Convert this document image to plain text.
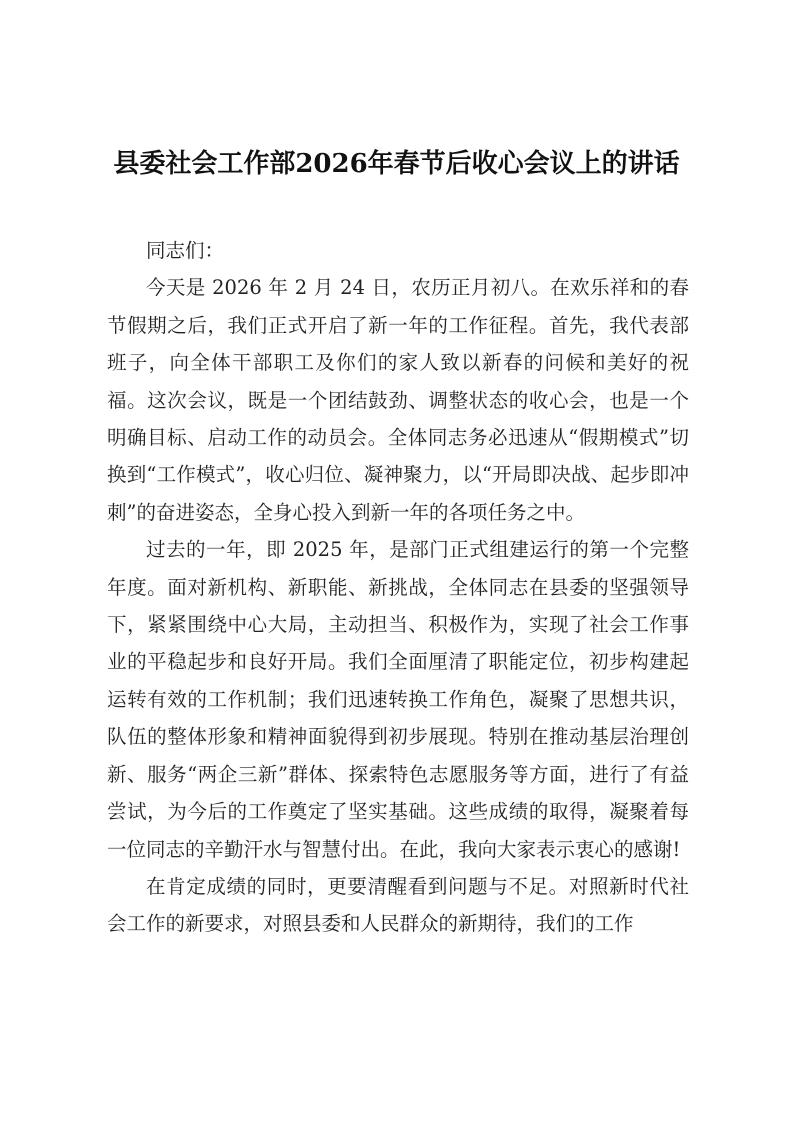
县委社会工作部2026年春节后收心会议上的讲话

同志们：

今天是 2026 年 2 月 24 日，农历正月初八。在欢乐祥和的春节假期之后，我们正式开启了新一年的工作征程。首先，我代表部班子，向全体干部职工及你们的家人致以新春的问候和美好的祝福。这次会议，既是一个团结鼓劲、调整状态的收心会，也是一个明确目标、启动工作的动员会。全体同志务必迅速从“假期模式”切换到“工作模式”，收心归位、凝神聚力，以“开局即决战、起步即冲刺”的奋进姿态，全身心投入到新一年的各项任务之中。

过去的一年，即 2025 年，是部门正式组建运行的第一个完整年度。面对新机构、新职能、新挑战，全体同志在县委的坚强领导下，紧紧围绕中心大局，主动担当、积极作为，实现了社会工作事业的平稳起步和良好开局。我们全面厘清了职能定位，初步构建起运转有效的工作机制；我们迅速转换工作角色，凝聚了思想共识，队伍的整体形象和精神面貌得到初步展现。特别在推动基层治理创新、服务“两企三新”群体、探索特色志愿服务等方面，进行了有益尝试，为今后的工作奠定了坚实基础。这些成绩的取得，凝聚着每一位同志的辛勤汗水与智慧付出。在此，我向大家表示衷心的感谢!

在肯定成绩的同时，更要清醒看到问题与不足。对照新时代社会工作的新要求，对照县委和人民群众的新期待，我们的工作
